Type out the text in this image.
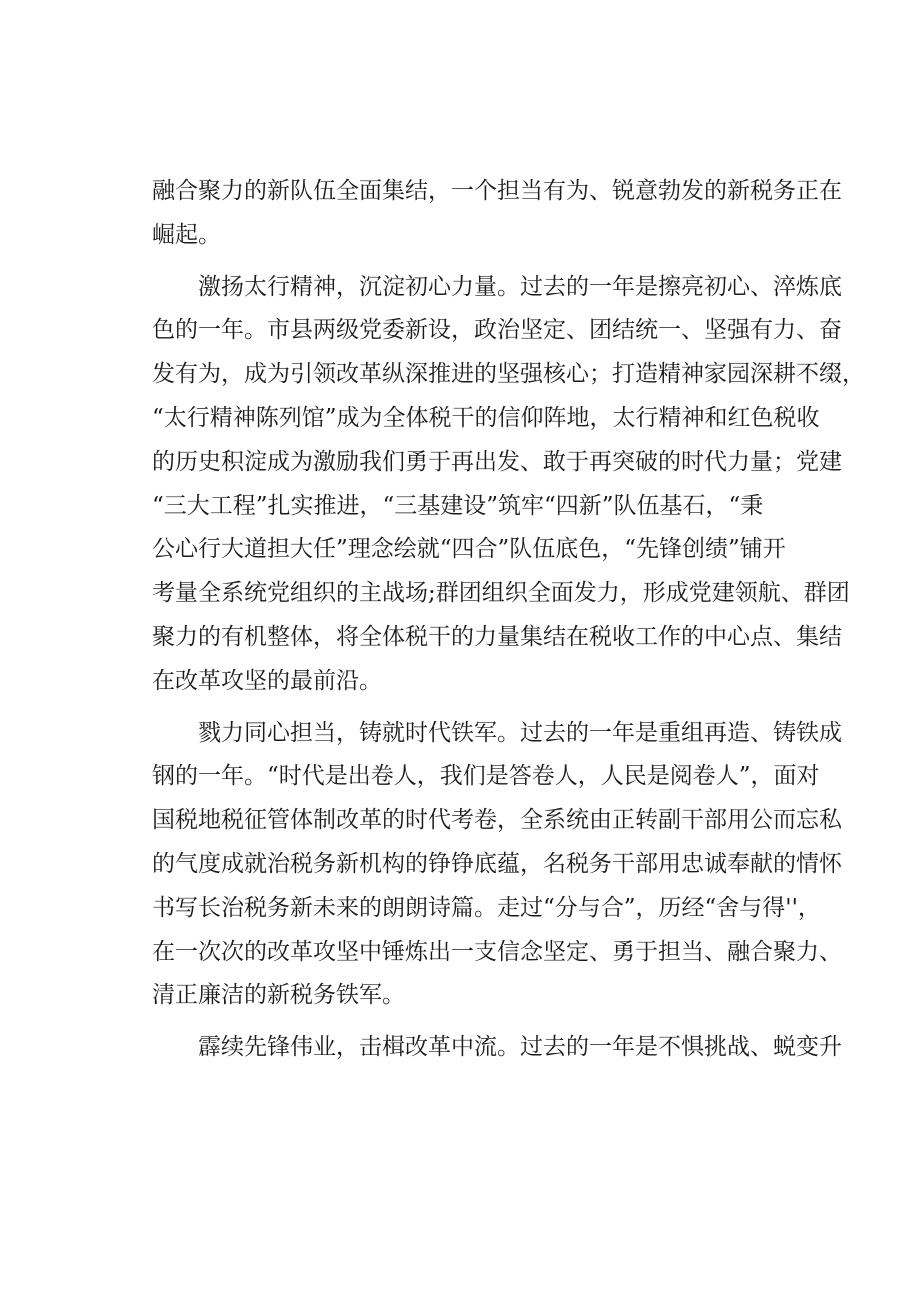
融合聚力的新队伍全面集结，一个担当有为、锐意勃发的新税务正在
崛起。
　　激扬太行精神，沉淀初心力量。过去的一年是擦亮初心、淬炼底
色的一年。市县两级党委新设，政治坚定、团结统一、坚强有力、奋
发有为，成为引领改革纵深推进的坚强核心；打造精神家园深耕不缀，
“太行精神陈列馆”成为全体税干的信仰阵地，太行精神和红色税收
的历史积淀成为激励我们勇于再出发、敢于再突破的时代力量；党建
“三大工程”扎实推进，“三基建设”筑牢“四新”队伍基石，“秉
公心行大道担大任”理念绘就“四合”队伍底色，“先锋创绩”铺开
考量全系统党组织的主战场;群团组织全面发力，形成党建领航、群团
聚力的有机整体，将全体税干的力量集结在税收工作的中心点、集结
在改革攻坚的最前沿。
　　戮力同心担当，铸就时代铁军。过去的一年是重组再造、铸铁成
钢的一年。“时代是出卷人，我们是答卷人，人民是阅卷人”，面对
国税地税征管体制改革的时代考卷，全系统由正转副干部用公而忘私
的气度成就治税务新机构的铮铮底蕴，名税务干部用忠诚奉献的情怀
书写长治税务新未来的朗朗诗篇。走过“分与合”，历经“舍与得''，
在一次次的改革攻坚中锤炼出一支信念坚定、勇于担当、融合聚力、
清正廉洁的新税务铁军。
　　霹续先锋伟业，击楫改革中流。过去的一年是不惧挑战、蜕变升
